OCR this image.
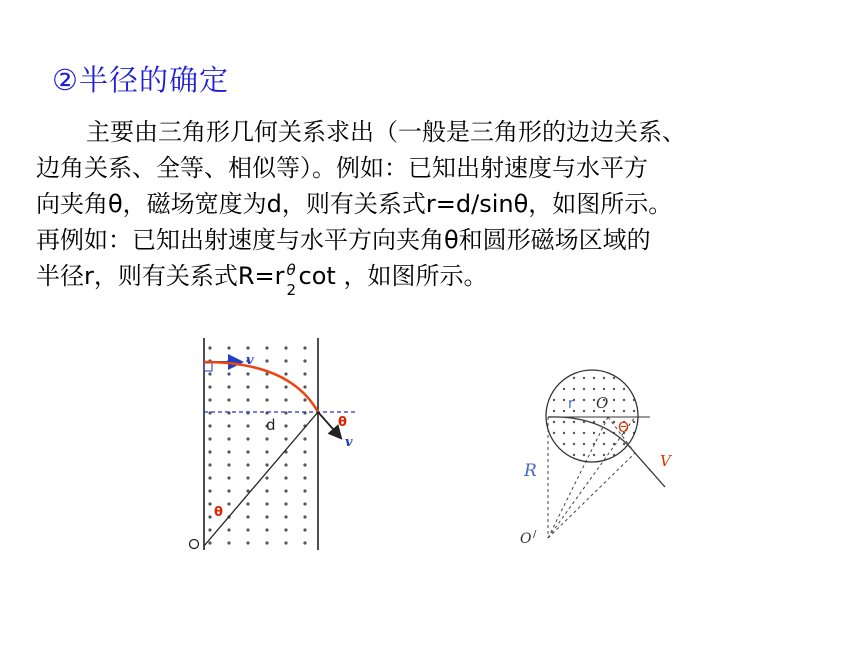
②半径的确定
主要由三角形几何关系求出（一般是三角形的边边关系、
边角关系、全等、相似等）。例如：已知出射速度与水平方
向夹角θ，磁场宽度为d，则有关系式r=d/sinθ，如图所示。
再例如：已知出射速度与水平方向夹角θ和圆形磁场区域的
半径r，则有关系式R=r θ
2 cot ，如图所示。
v
v
d	θ
θ
r O
Θ
V
R
O /
